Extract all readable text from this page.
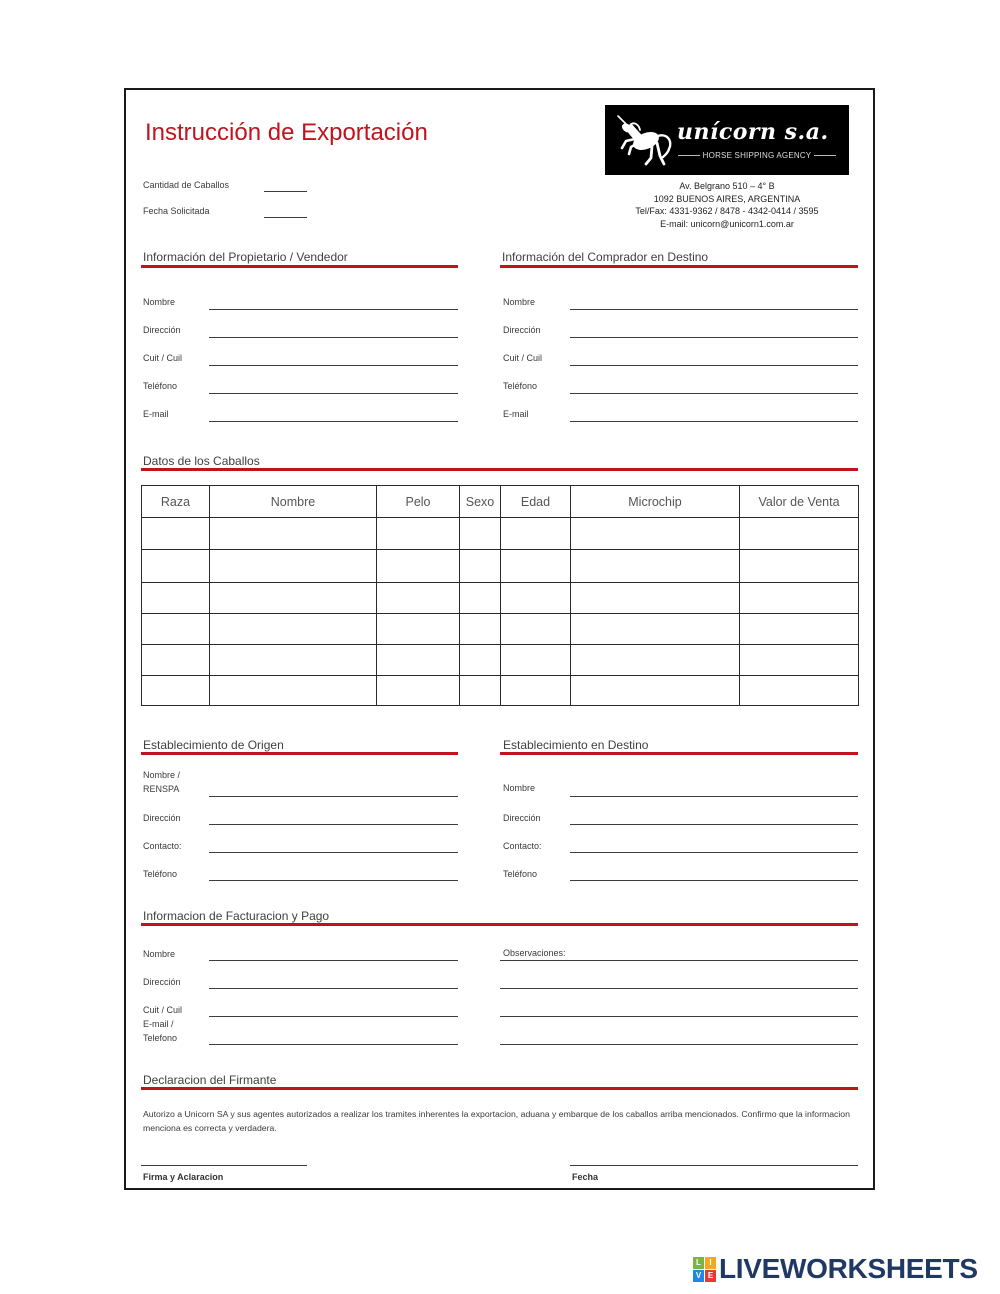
Instrucción de Exportación	unícorn s.a.
HORSE SHIPPING AGENCY
Av. Belgrano 510 – 4° B
1092 BUENOS AIRES, ARGENTINA
Tel/Fax: 4331-9362 / 8478 - 4342-0414 / 3595
E-mail: unicorn@unicorn1.com.ar
Cantidad de Caballos
Fecha Solicitada
Información del Propietario / Vendedor
Nombre
Dirección
Cuit / Cuil
Teléfono
E-mail
Información del Comprador en Destino
Nombre
Dirección
Cuit / Cuil
Teléfono
E-mail
Datos de los Caballos
Raza	Nombre	Pelo	Sexo	Edad	Microchip	Valor de Venta

Establecimiento de Origen
Nombre / RENSPA
Dirección
Contacto:
Teléfono
Establecimiento en Destino
Nombre
Dirección
Contacto:
Teléfono
Informacion de Facturacion y Pago
Nombre
Dirección
Cuit / Cuil
E-mail /
Telefono
Observaciones:
Declaracion del Firmante
Autorizo a Unicorn SA y sus agentes autorizados a realizar los tramites inherentes la exportacion, aduana y embarque de los caballos arriba mencionados. Confirmo que la informacion menciona es correcta y verdadera.
Firma y Aclaracion	Fecha
L	I
V E LIVEWORKSHEETS
